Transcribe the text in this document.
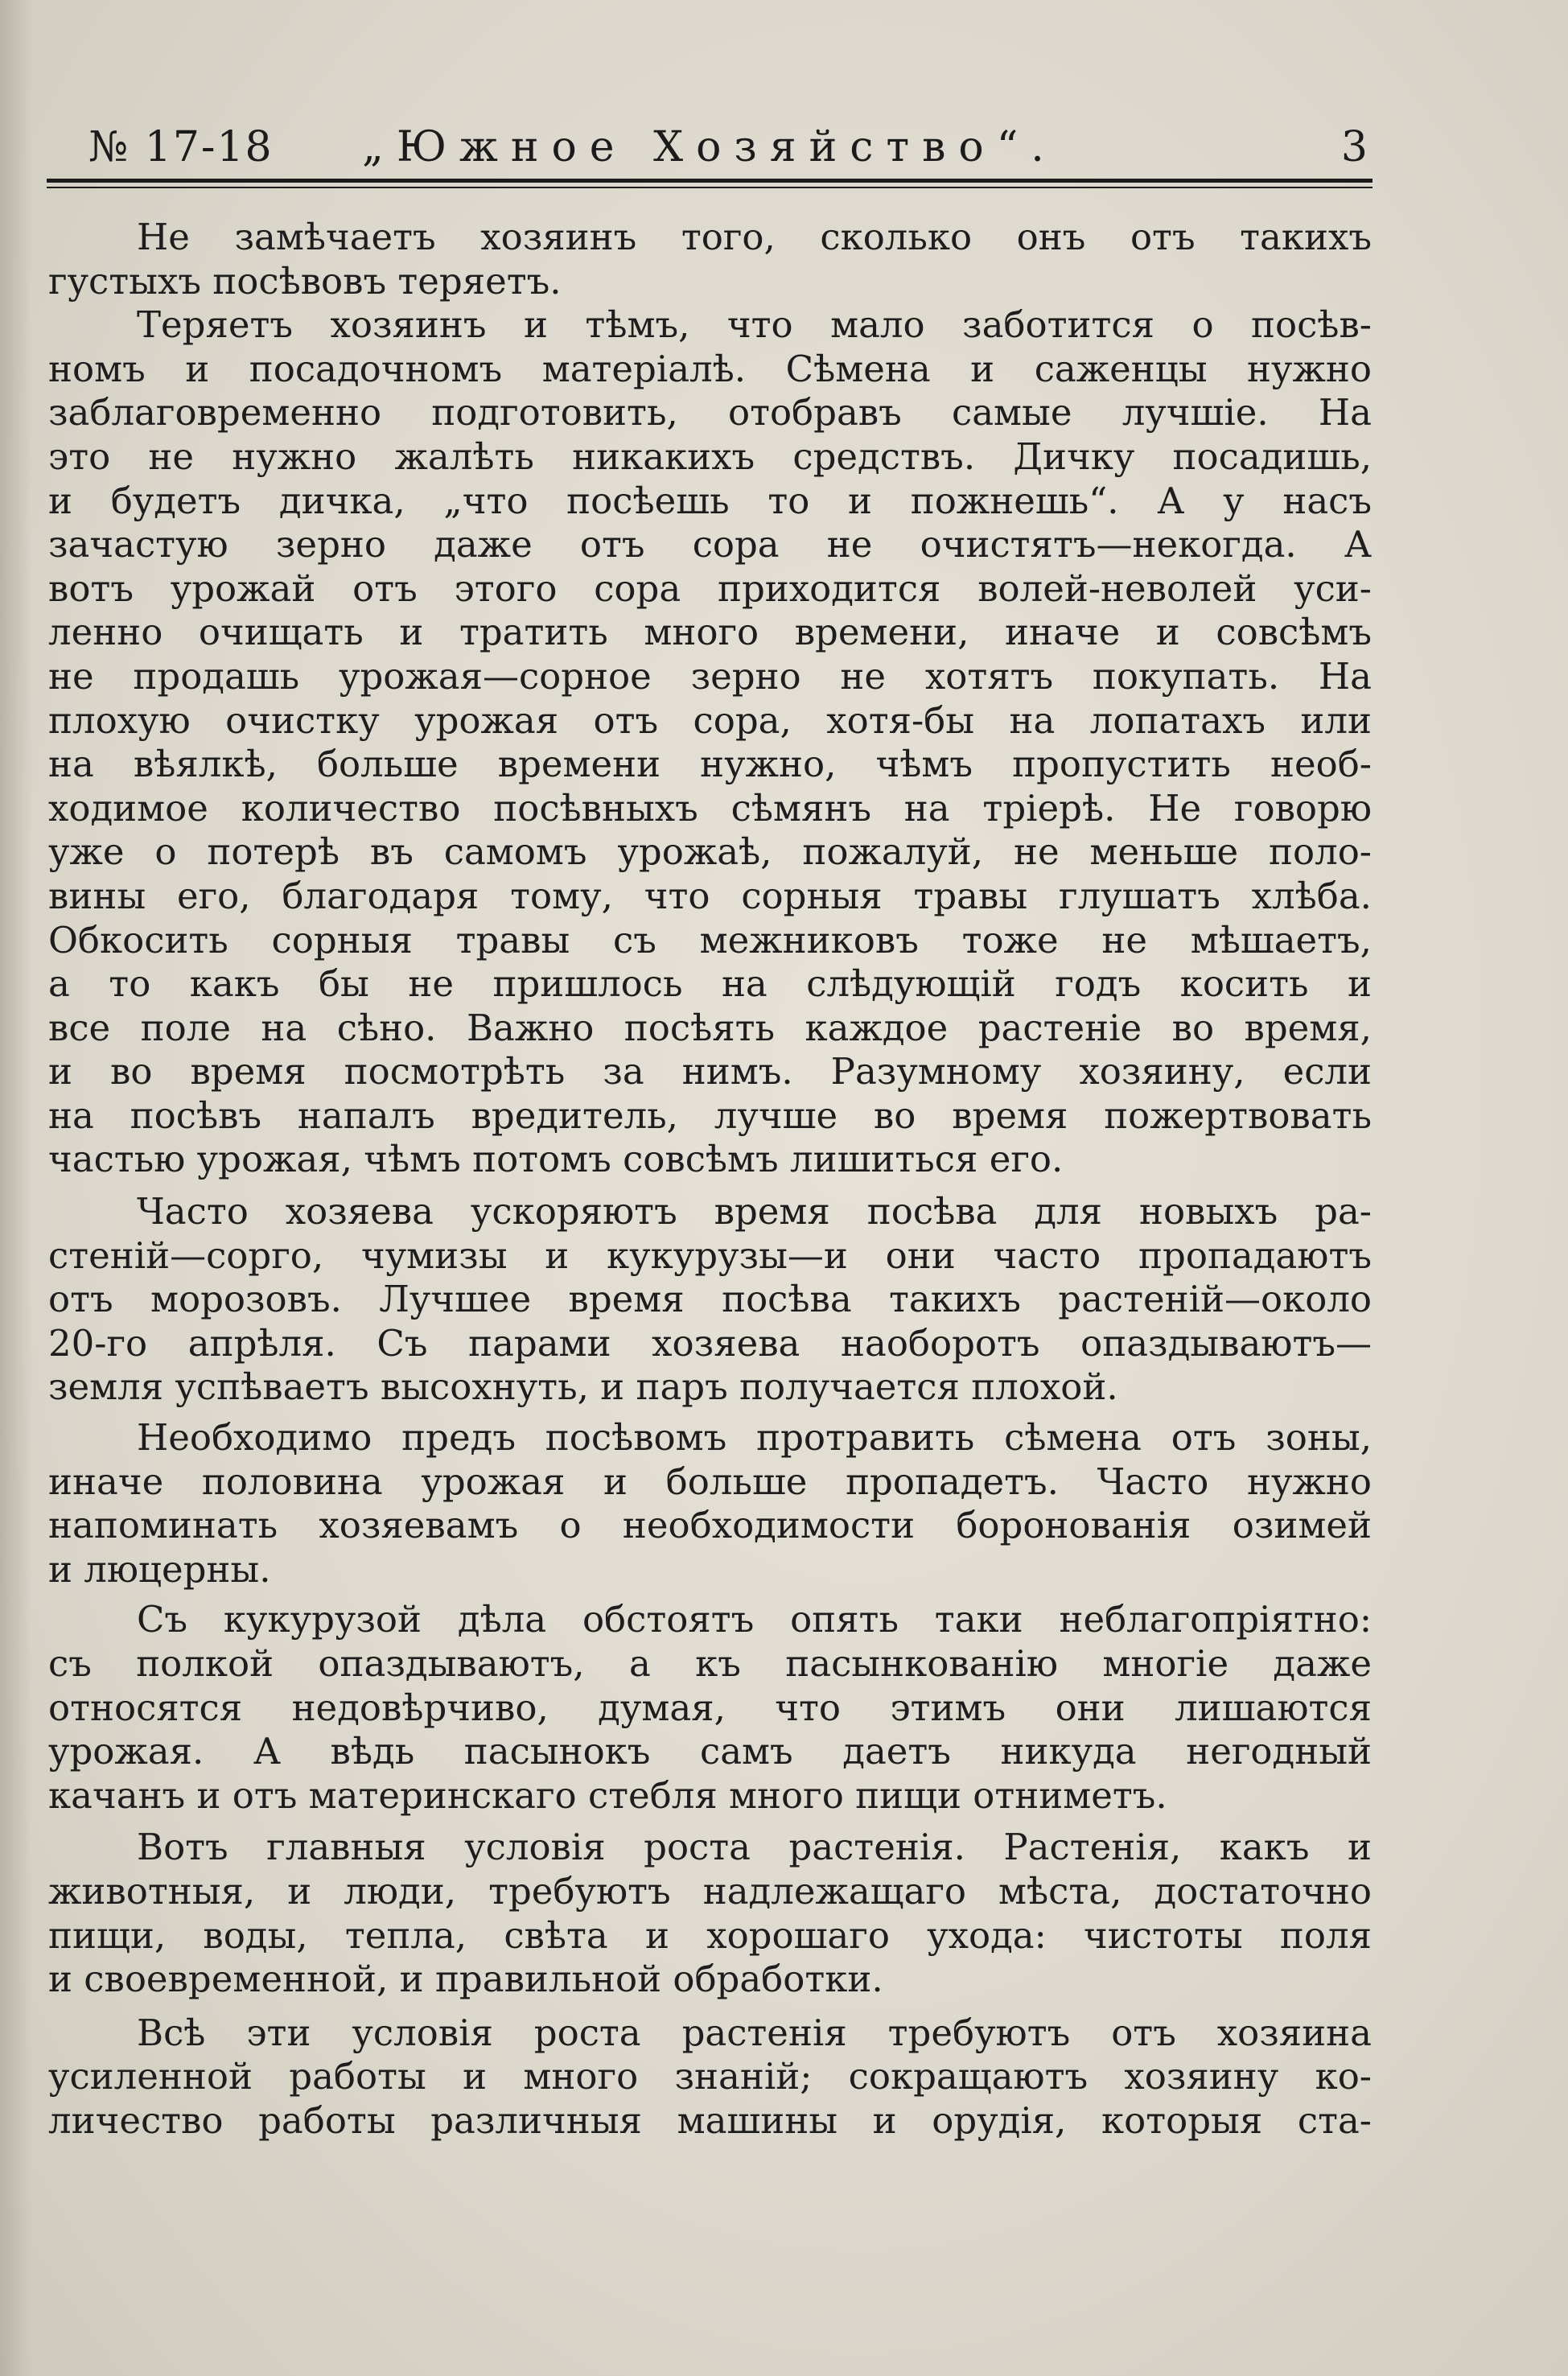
№ 17-18 „Южное Хозяйство“.	3
Не замѣчаетъ хозяинъ того, сколько онъ отъ такихъ
густыхъ посѣвовъ теряетъ.
Теряетъ хозяинъ и тѣмъ, что мало заботится о посѣв-
номъ и посадочномъ матеріалѣ. Сѣмена и саженцы нужно
заблаговременно подготовить, отобравъ самые лучшіе. На
это не нужно жалѣть никакихъ средствъ. Дичку посадишь,
и будетъ дичка, „что посѣешь то и пожнешь“. А у насъ
зачастую зерно даже отъ сора не очистятъ—некогда. А
вотъ урожай отъ этого сора приходится волей-неволей уси-
ленно очищать и тратить много времени, иначе и совсѣмъ
не продашь урожая—сорное зерно не хотятъ покупать. На
плохую очистку урожая отъ сора, хотя-бы на лопатахъ или
на вѣялкѣ, больше времени нужно, чѣмъ пропустить необ-
ходимое количество посѣвныхъ сѣмянъ на тріерѣ. Не говорю
уже о потерѣ въ самомъ урожаѣ, пожалуй, не меньше поло-
вины его, благодаря тому, что сорныя травы глушатъ хлѣба.
Обкосить сорныя травы съ межниковъ тоже не мѣшаетъ,
а то какъ бы не пришлось на слѣдующій годъ косить и
все поле на сѣно. Важно посѣять каждое растеніе во время,
и во время посмотрѣть за нимъ. Разумному хозяину, если
на посѣвъ напалъ вредитель, лучше во время пожертвовать
частью урожая, чѣмъ потомъ совсѣмъ лишиться его.
Часто хозяева ускоряютъ время посѣва для новыхъ ра-
стеній—сорго, чумизы и кукурузы—и они часто пропадаютъ
отъ морозовъ. Лучшее время посѣва такихъ растеній—около
20-го апрѣля. Съ парами хозяева наоборотъ опаздываютъ—
земля успѣваетъ высохнуть, и паръ получается плохой.
Необходимо предъ посѣвомъ протравить сѣмена отъ зоны,
иначе половина урожая и больше пропадетъ. Часто нужно
напоминать хозяевамъ о необходимости боронованія озимей
и люцерны.
Съ кукурузой дѣла обстоятъ опять таки неблагопріятно:
съ полкой опаздываютъ, а къ пасынкованію многіе даже
относятся недовѣрчиво, думая, что этимъ они лишаются
урожая. А вѣдь пасынокъ самъ даетъ никуда негодный
качанъ и отъ материнскаго стебля много пищи отниметъ.
Вотъ главныя условія роста растенія. Растенія, какъ и
животныя, и люди, требуютъ надлежащаго мѣста, достаточно
пищи, воды, тепла, свѣта и хорошаго ухода: чистоты поля
и своевременной, и правильной обработки.
Всѣ эти условія роста растенія требуютъ отъ хозяина
усиленной работы и много знаній; сокращаютъ хозяину ко-
личество работы различныя машины и орудія, которыя ста-
